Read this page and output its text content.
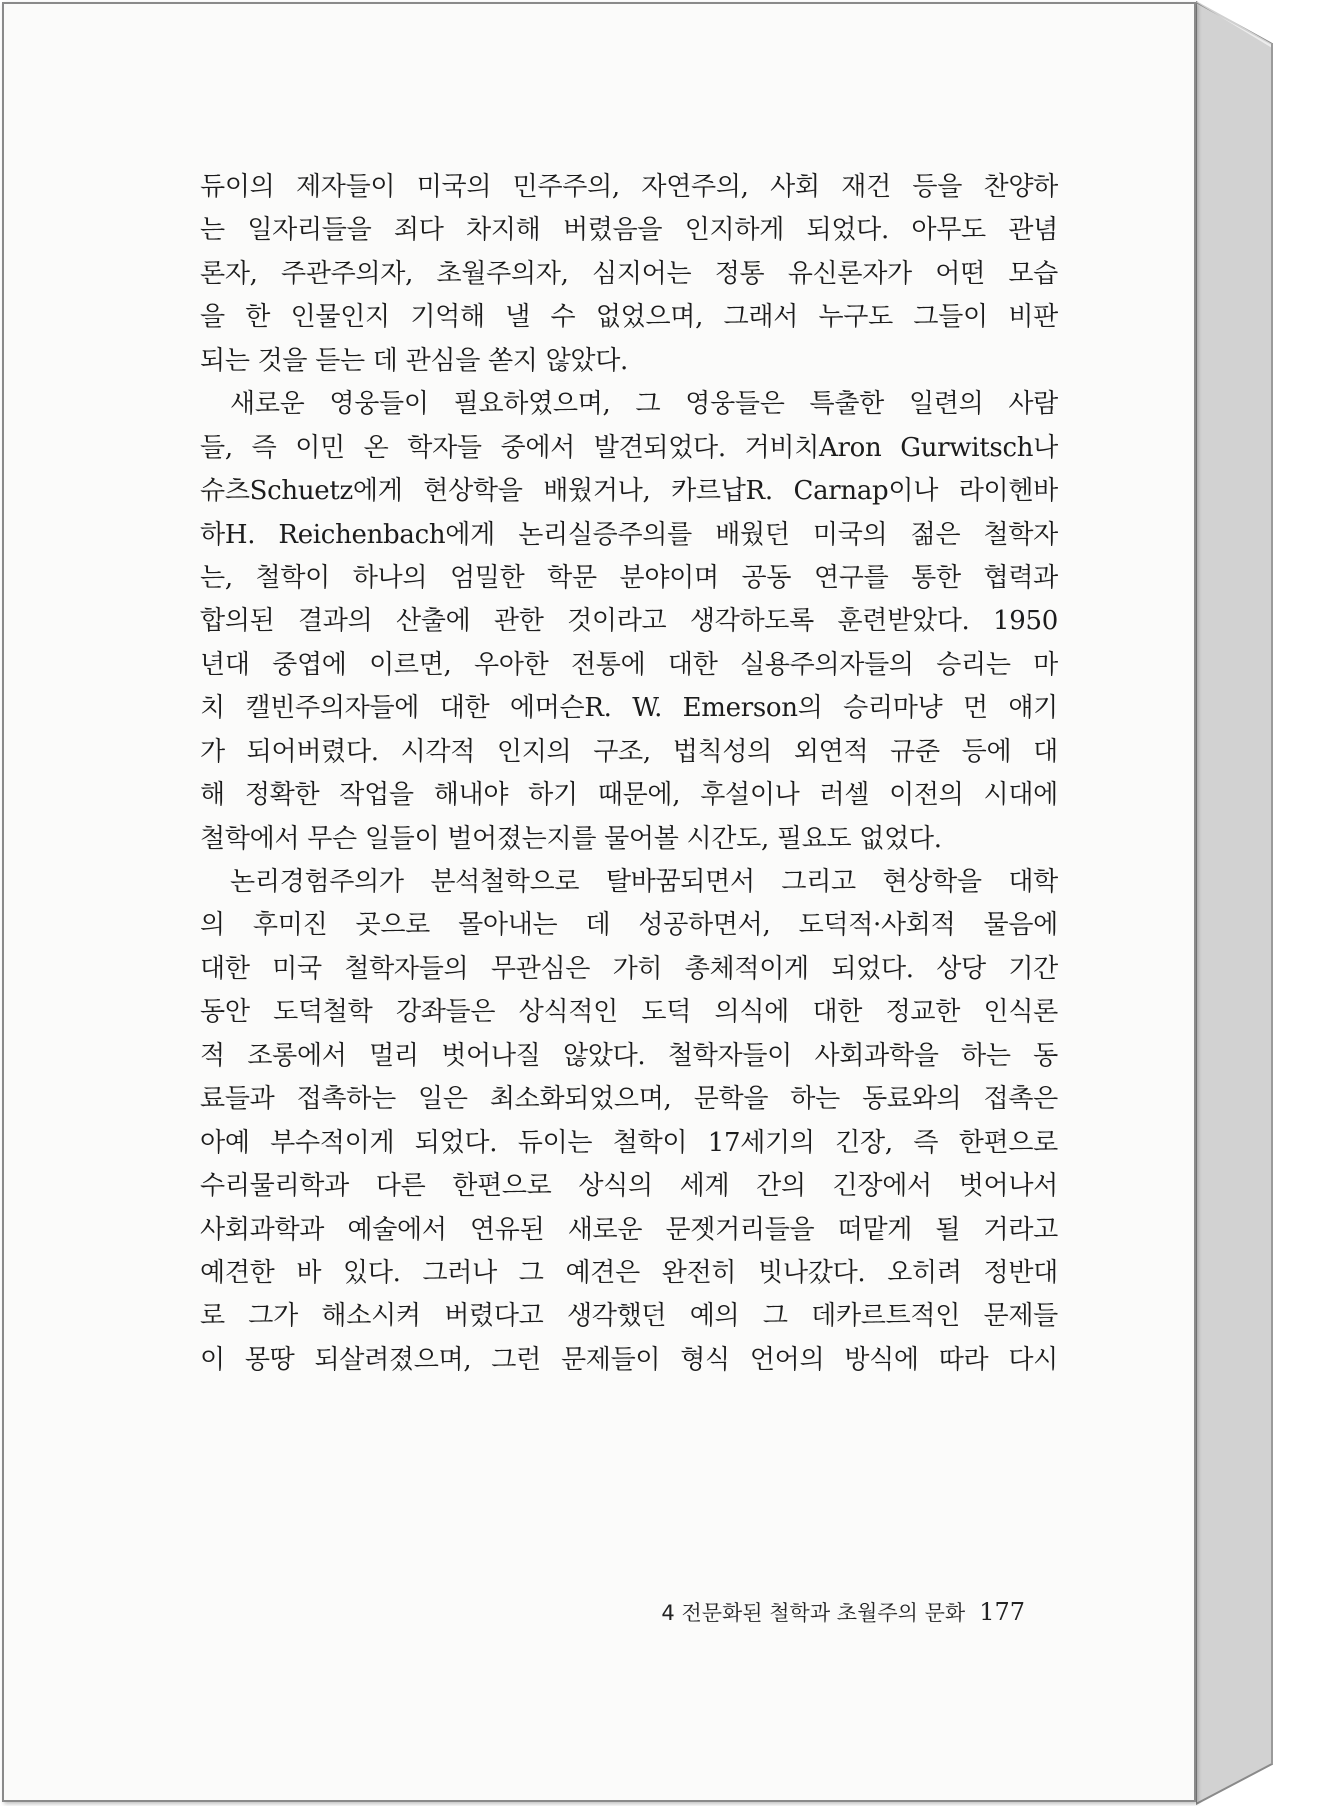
듀이의 제자들이 미국의 민주주의, 자연주의, 사회 재건 등을 찬양하
는 일자리들을 죄다 차지해 버렸음을 인지하게 되었다. 아무도 관념
론자, 주관주의자, 초월주의자, 심지어는 정통 유신론자가 어떤 모습
을 한 인물인지 기억해 낼 수 없었으며, 그래서 누구도 그들이 비판
되는 것을 듣는 데 관심을 쏟지 않았다.
새로운 영웅들이 필요하였으며, 그 영웅들은 특출한 일련의 사람
들, 즉 이민 온 학자들 중에서 발견되었다. 거비치Aron Gurwitsch나
슈츠Schuetz에게 현상학을 배웠거나, 카르납R. Carnap이나 라이헨바
하H. Reichenbach에게 논리실증주의를 배웠던 미국의 젊은 철학자
는, 철학이 하나의 엄밀한 학문 분야이며 공동 연구를 통한 협력과
합의된 결과의 산출에 관한 것이라고 생각하도록 훈련받았다. 1950
년대 중엽에 이르면, 우아한 전통에 대한 실용주의자들의 승리는 마
치 캘빈주의자들에 대한 에머슨R. W. Emerson의 승리마냥 먼 얘기
가 되어버렸다. 시각적 인지의 구조, 법칙성의 외연적 규준 등에 대
해 정확한 작업을 해내야 하기 때문에, 후설이나 러셀 이전의 시대에
철학에서 무슨 일들이 벌어졌는지를 물어볼 시간도, 필요도 없었다.
논리경험주의가 분석철학으로 탈바꿈되면서 그리고 현상학을 대학
의 후미진 곳으로 몰아내는 데 성공하면서, 도덕적·사회적 물음에
대한 미국 철학자들의 무관심은 가히 총체적이게 되었다. 상당 기간
동안 도덕철학 강좌들은 상식적인 도덕 의식에 대한 정교한 인식론
적 조롱에서 멀리 벗어나질 않았다. 철학자들이 사회과학을 하는 동
료들과 접촉하는 일은 최소화되었으며, 문학을 하는 동료와의 접촉은
아예 부수적이게 되었다. 듀이는 철학이 17세기의 긴장, 즉 한편으로
수리물리학과 다른 한편으로 상식의 세계 간의 긴장에서 벗어나서
사회과학과 예술에서 연유된 새로운 문젯거리들을 떠맡게 될 거라고
예견한 바 있다. 그러나 그 예견은 완전히 빗나갔다. 오히려 정반대
로 그가 해소시켜 버렸다고 생각했던 예의 그 데카르트적인 문제들
이 몽땅 되살려졌으며, 그런 문제들이 형식 언어의 방식에 따라 다시
4 전문화된 철학과 초월주의 문화 177
